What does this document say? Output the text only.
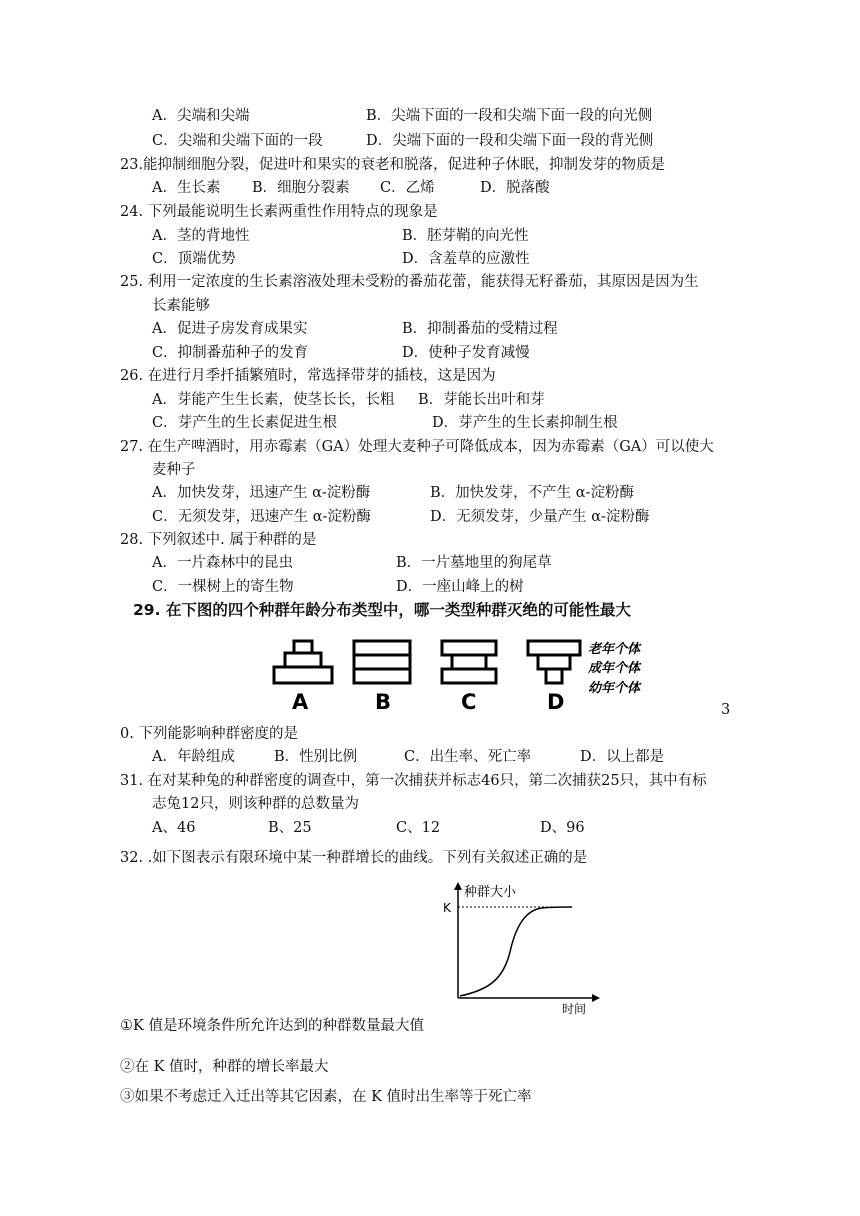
A．尖端和尖端	B．尖端下面的一段和尖端下面一段的向光侧
C．尖端和尖端下面的一段	D．尖端下面的一段和尖端下面一段的背光侧
23.能抑制细胞分裂，促进叶和果实的衰老和脱落，促进种子休眠，抑制发芽的物质是
A．生长素 B．细胞分裂素 C．乙烯	D．脱落酸
24. 下列最能说明生长素两重性作用特点的现象是
A．茎的背地性	B．胚芽鞘的向光性
C．顶端优势	D．含羞草的应激性
25. 利用一定浓度的生长素溶液处理未受粉的番茄花蕾，能获得无籽番茄，其原因是因为生
长素能够
A．促进子房发育成果实	B．抑制番茄的受精过程
C．抑制番茄种子的发育	D．使种子发育减慢
26. 在进行月季扦插繁殖时，常选择带芽的插枝，这是因为
A．芽能产生生长素，使茎长长，长粗 B．芽能长出叶和芽
C．芽产生的生长素促进生根	D．芽产生的生长素抑制生根
27. 在生产啤酒时，用赤霉素（GA）处理大麦种子可降低成本，因为赤霉素（GA）可以使大
麦种子
A．加快发芽，迅速产生 α-淀粉酶	B．加快发芽，不产生 α-淀粉酶
C．无须发芽，迅速产生 α-淀粉酶	D．无须发芽，少量产生 α-淀粉酶
28. 下列叙述中. 属于种群的是
A．一片森林中的昆虫	B．一片墓地里的狗尾草
C．一棵树上的寄生物	D．一座山峰上的树
29. 在下图的四个种群年龄分布类型中，哪一类型种群灭绝的可能性最大
A	B	C	D
老年个体
成年个体
幼年个体
3
0. 下列能影响种群密度的是
A．年龄组成	B．性别比例	C．出生率、死亡率	D．以上都是
31. 在对某种兔的种群密度的调查中，第一次捕获并标志46只，第二次捕获25只，其中有标
志兔12只，则该种群的总数量为
A、46	B、25	C、12	D、96
32. .如下图表示有限环境中某一种群增长的曲线。下列有关叙述正确的是
K
种群大小
时间
①K 值是环境条件所允许达到的种群数量最大值
②在 K 值时，种群的增长率最大
③如果不考虑迁入迁出等其它因素，在 K 值时出生率等于死亡率
